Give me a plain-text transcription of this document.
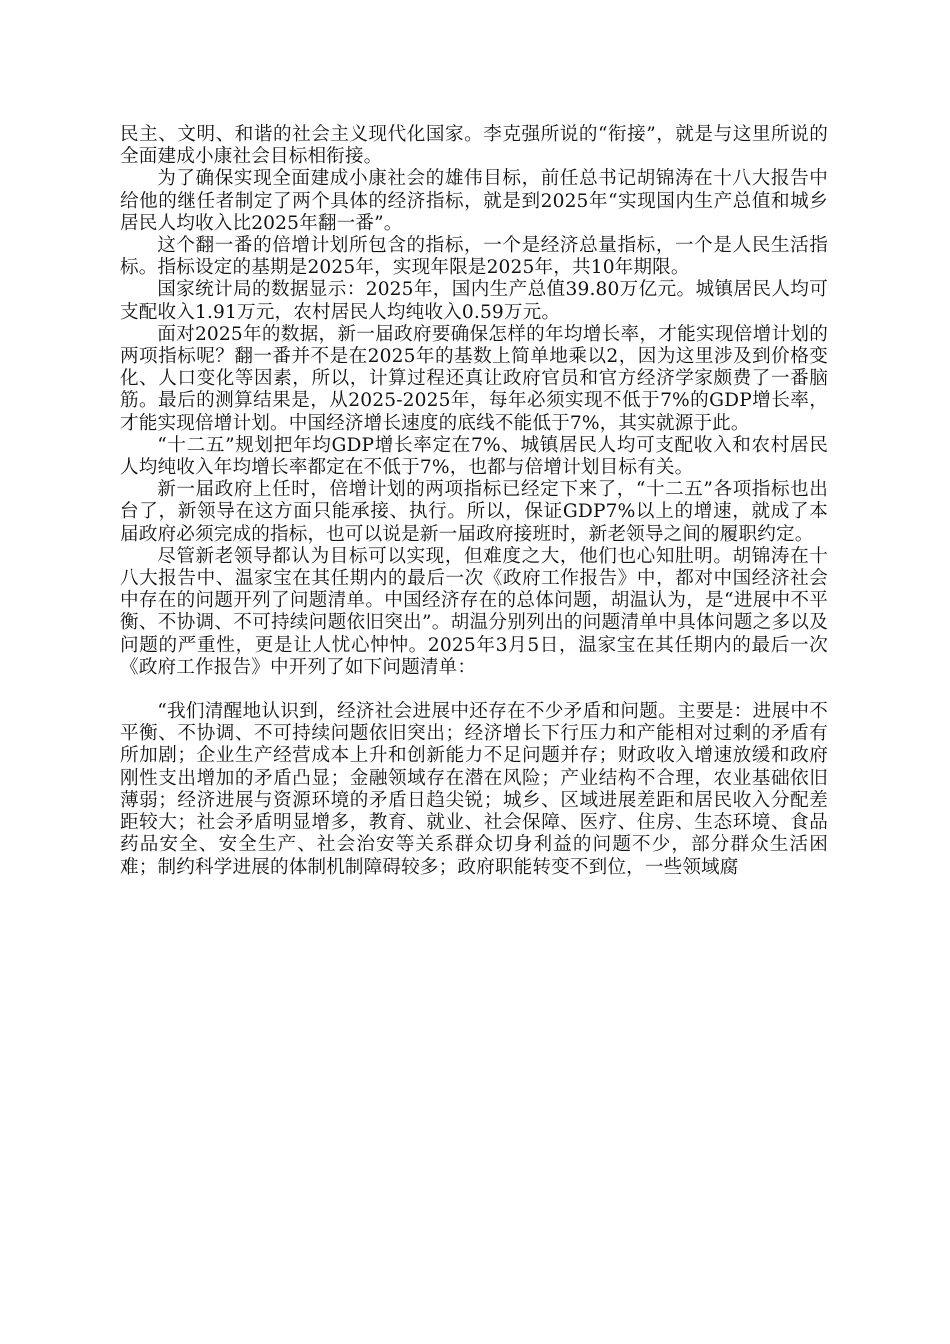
民主、文明、和谐的社会主义现代化国家。李克强所说的“衔接”，就是与这里所说的全面建成小康社会目标相衔接。

为了确保实现全面建成小康社会的雄伟目标，前任总书记胡锦涛在十八大报告中给他的继任者制定了两个具体的经济指标，就是到2025年“实现国内生产总值和城乡居民人均收入比2025年翻一番”。

这个翻一番的倍增计划所包含的指标，一个是经济总量指标，一个是人民生活指标。指标设定的基期是2025年，实现年限是2025年，共10年期限。

国家统计局的数据显示：2025年，国内生产总值39.80万亿元。城镇居民人均可支配收入1.91万元，农村居民人均纯收入0.59万元。

面对2025年的数据，新一届政府要确保怎样的年均增长率，才能实现倍增计划的两项指标呢？翻一番并不是在2025年的基数上简单地乘以2，因为这里涉及到价格变化、人口变化等因素，所以，计算过程还真让政府官员和官方经济学家颇费了一番脑筋。最后的测算结果是，从2025-2025年，每年必须实现不低于7%的GDP增长率，才能实现倍增计划。中国经济增长速度的底线不能低于7%，其实就源于此。

“十二五”规划把年均GDP增长率定在7%、城镇居民人均可支配收入和农村居民人均纯收入年均增长率都定在不低于7%，也都与倍增计划目标有关。

新一届政府上任时，倍增计划的两项指标已经定下来了，“十二五”各项指标也出台了，新领导在这方面只能承接、执行。所以，保证GDP7%以上的增速，就成了本届政府必须完成的指标，也可以说是新一届政府接班时，新老领导之间的履职约定。

尽管新老领导都认为目标可以实现，但难度之大，他们也心知肚明。胡锦涛在十八大报告中、温家宝在其任期内的最后一次《政府工作报告》中，都对中国经济社会中存在的问题开列了问题清单。中国经济存在的总体问题，胡温认为，是“进展中不平衡、不协调、不可持续问题依旧突出”。胡温分别列出的问题清单中具体问题之多以及问题的严重性，更是让人忧心忡忡。2025年3月5日，温家宝在其任期内的最后一次《政府工作报告》中开列了如下问题清单：

“我们清醒地认识到，经济社会进展中还存在不少矛盾和问题。主要是：进展中不平衡、不协调、不可持续问题依旧突出；经济增长下行压力和产能相对过剩的矛盾有所加剧；企业生产经营成本上升和创新能力不足问题并存；财政收入增速放缓和政府刚性支出增加的矛盾凸显；金融领域存在潜在风险；产业结构不合理，农业基础依旧薄弱；经济进展与资源环境的矛盾日趋尖锐；城乡、区域进展差距和居民收入分配差距较大；社会矛盾明显增多，教育、就业、社会保障、医疗、住房、生态环境、食品药品安全、安全生产、社会治安等关系群众切身利益的问题不少，部分群众生活困难；制约科学进展的体制机制障碍较多；政府职能转变不到位，一些领域腐
